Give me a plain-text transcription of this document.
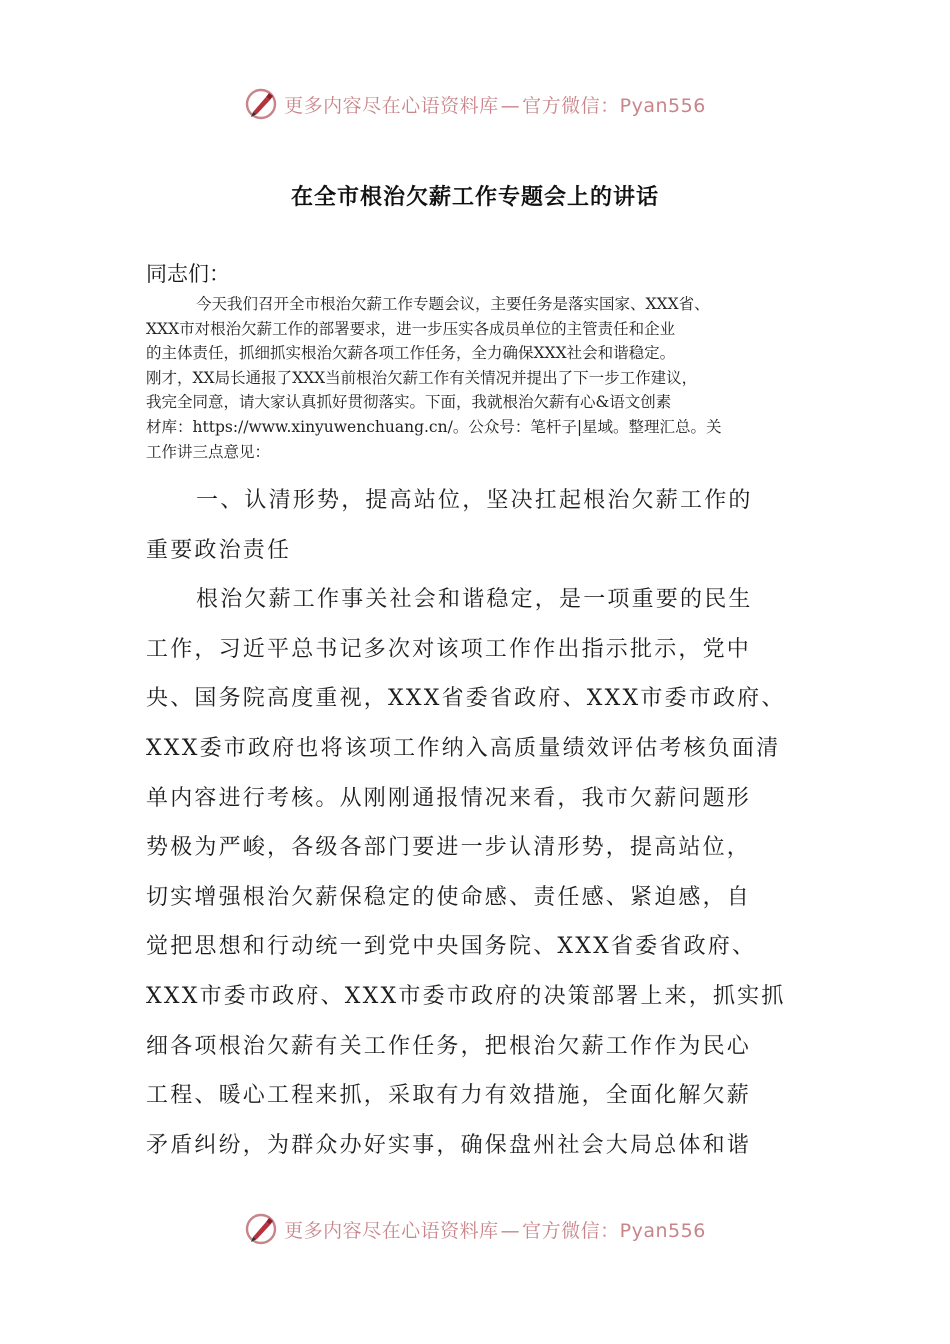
更多内容尽在心语资料库 — 官方微信：Pyan556
在全市根治欠薪工作专题会上的讲话
同志们：
今天我们召开全市根治欠薪工作专题会议，主要任务是落实国家、XXX省、
XXX市对根治欠薪工作的部署要求，进一步压实各成员单位的主管责任和企业
的主体责任，抓细抓实根治欠薪各项工作任务，全力确保XXX社会和谐稳定。
刚才，XX局长通报了XXX当前根治欠薪工作有关情况并提出了下一步工作建议，
我完全同意，请大家认真抓好贯彻落实。下面，我就根治欠薪有心&语文创素
材库：https://www.xinyuwenchuang.cn/。公众号：笔杆子|星域。整理汇总。关
工作讲三点意见：
一、认清形势，提高站位，坚决扛起根治欠薪工作的
重要政治责任
根治欠薪工作事关社会和谐稳定，是一项重要的民生
工作，习近平总书记多次对该项工作作出指示批示，党中
央、国务院高度重视，XXX省委省政府、XXX市委市政府、
XXX委市政府也将该项工作纳入高质量绩效评估考核负面清
单内容进行考核。从刚刚通报情况来看，我市欠薪问题形
势极为严峻，各级各部门要进一步认清形势，提高站位，
切实增强根治欠薪保稳定的使命感、责任感、紧迫感，自
觉把思想和行动统一到党中央国务院、XXX省委省政府、
XXX市委市政府、XXX市委市政府的决策部署上来，抓实抓
细各项根治欠薪有关工作任务，把根治欠薪工作作为民心
工程、暖心工程来抓，采取有力有效措施，全面化解欠薪
矛盾纠纷，为群众办好实事，确保盘州社会大局总体和谐
更多内容尽在心语资料库 — 官方微信：Pyan556
